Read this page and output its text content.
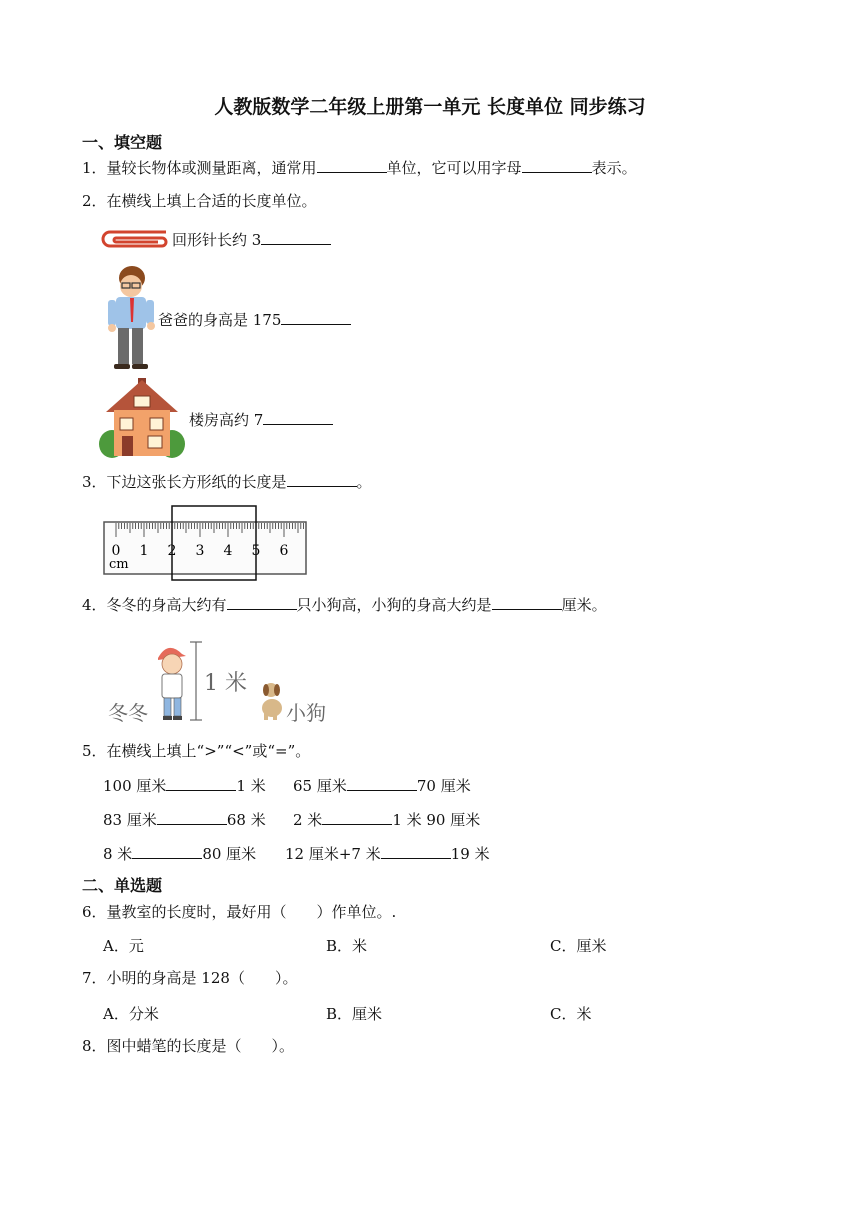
人教版数学二年级上册第一单元 长度单位 同步练习
一、填空题
1．量较长物体或测量距离，通常用	单位，它可以用字母	表示。
2．在横线上填上合适的长度单位。
回形针长约 3
爸爸的身高是 175
楼房高约 7
3．下边这张长方形纸的长度是	。
0 1 2 3 4 5 6
cm
4．冬冬的身高大约有	只小狗高，小狗的身高大约是	厘米。
1 米
冬冬	小狗
5．在横线上填上“>”“<”或“=”。
100 厘米	1 米 65 厘米	70 厘米
83 厘米	68 米 2 米	1 米 90 厘米
8 米	80 厘米 12 厘米+7 米	19 米
二、单选题
6．量教室的长度时，最好用（　　）作单位。.
A．元	B．米	C．厘米
7．小明的身高是 128（　　）。
A．分米	B．厘米	C．米
8．图中蜡笔的长度是（　　）。
